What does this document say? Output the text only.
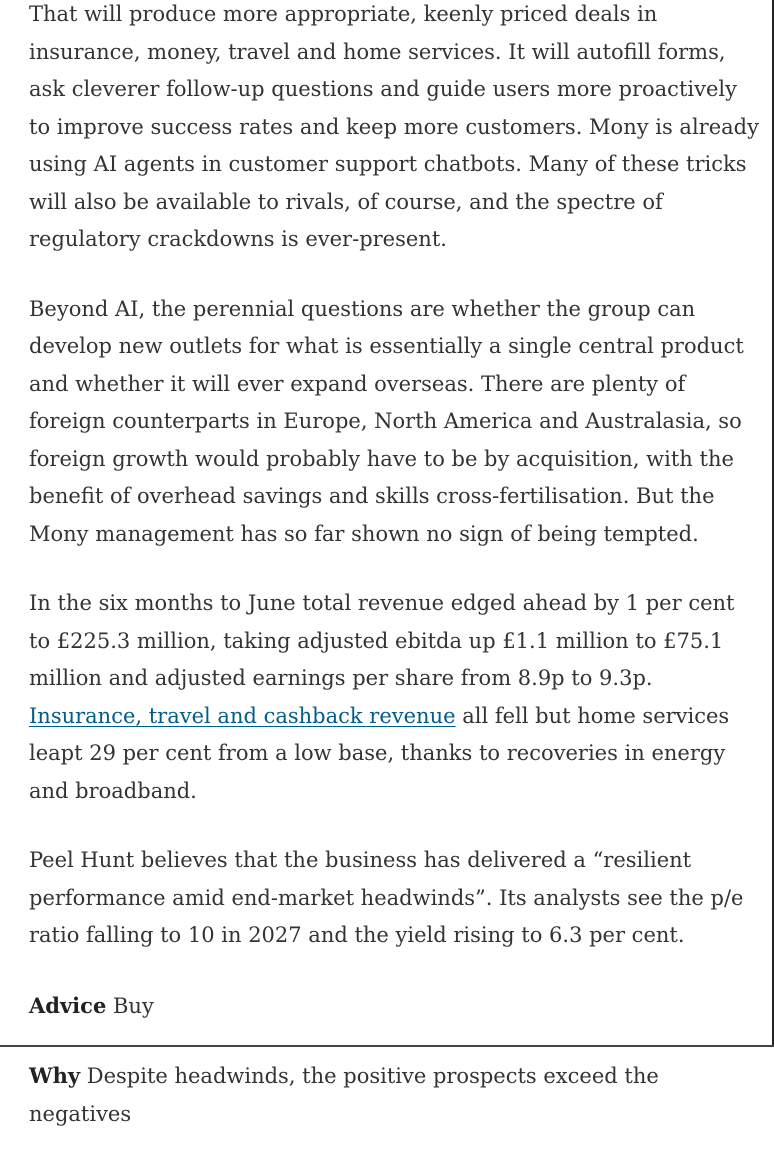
That will produce more appropriate, keenly priced deals in insurance, money, travel and home services. It will autofill forms, ask cleverer follow-up questions and guide users more proactively to improve success rates and keep more customers. Mony is already using AI agents in customer support chatbots. Many of these tricks will also be available to rivals, of course, and the spectre of regulatory crackdowns is ever-present.

Beyond AI, the perennial questions are whether the group can develop new outlets for what is essentially a single central product and whether it will ever expand overseas. There are plenty of foreign counterparts in Europe, North America and Australasia, so foreign growth would probably have to be by acquisition, with the benefit of overhead savings and skills cross-fertilisation. But the Mony management has so far shown no sign of being tempted.

In the six months to June total revenue edged ahead by 1 per cent to £225.3 million, taking adjusted ebitda up £1.1 million to £75.1 million and adjusted earnings per share from 8.9p to 9.3p. Insurance, travel and cashback revenue all fell but home services leapt 29 per cent from a low base, thanks to recoveries in energy and broadband.

Peel Hunt believes that the business has delivered a “resilient performance amid end-market headwinds”. Its analysts see the p/e ratio falling to 10 in 2027 and the yield rising to 6.3 per cent.

Advice Buy

Why Despite headwinds, the positive prospects exceed the negatives
